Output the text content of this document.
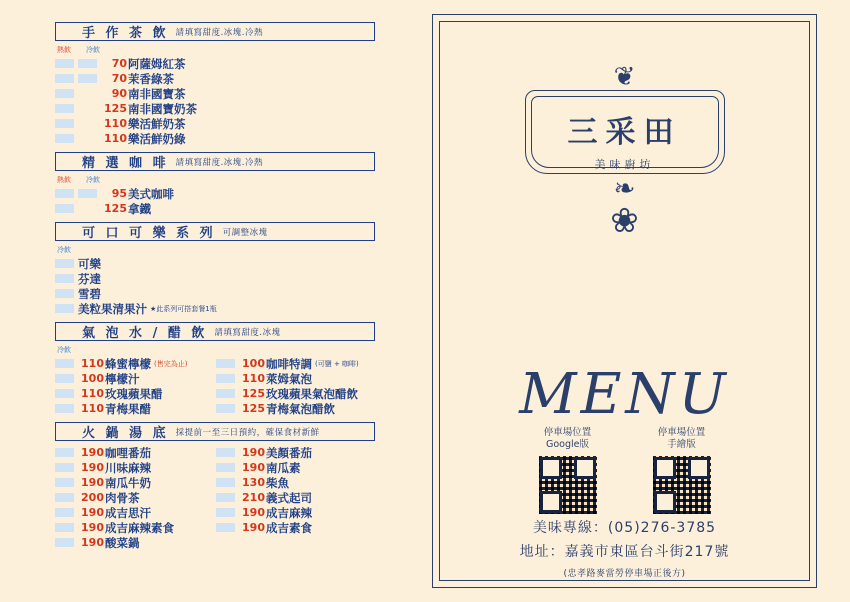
手 作 茶 飲 請填寫甜度.冰塊.冷熱
熱飲	冷飲
70 阿薩姆紅茶
70 茉香綠茶
90 南非國寶茶
125 南非國寶奶茶
110 樂活鮮奶茶
110 樂活鮮奶綠
精 選 咖 啡 請填寫甜度.冰塊.冷熱
熱飲	冷飲
95 美式咖啡
125 拿鐵
可 口 可 樂 系 列 可調整冰塊
冷飲
可樂
芬達
雪碧
美粒果清果汁 ★此系列可搭套餐1瓶
氣 泡 水 / 醋 飲 請填寫甜度.冰塊
冷飲
110 蜂蜜檸檬 (售完為止)
100 檸檬汁
110 玫瑰蘋果醋
110 青梅果醋
100 咖啡特調 (可鹽 + 咖啡)
110 萊姆氣泡
125 玫瑰蘋果氣泡醋飲
125 青梅氣泡醋飲
火 鍋 湯 底 採提前一至三日預約，確保食材新鮮
190 咖哩番茄
190 川味麻辣
190 南瓜牛奶
200 肉骨茶
190 成吉思汗
190 成吉麻辣素食
190 酸菜鍋
190 美顏番茄
190 南瓜素
130 柴魚
210 義式起司
190 成吉麻辣
190 成吉素食
❦
三采田
美味廚坊
❧
❀
MENU
停車場位置
Google版
停車場位置
手繪版
美味專線：(05)276-3785
地址：嘉義市東區台斗街217號
(忠孝路麥當勞停車場正後方)
